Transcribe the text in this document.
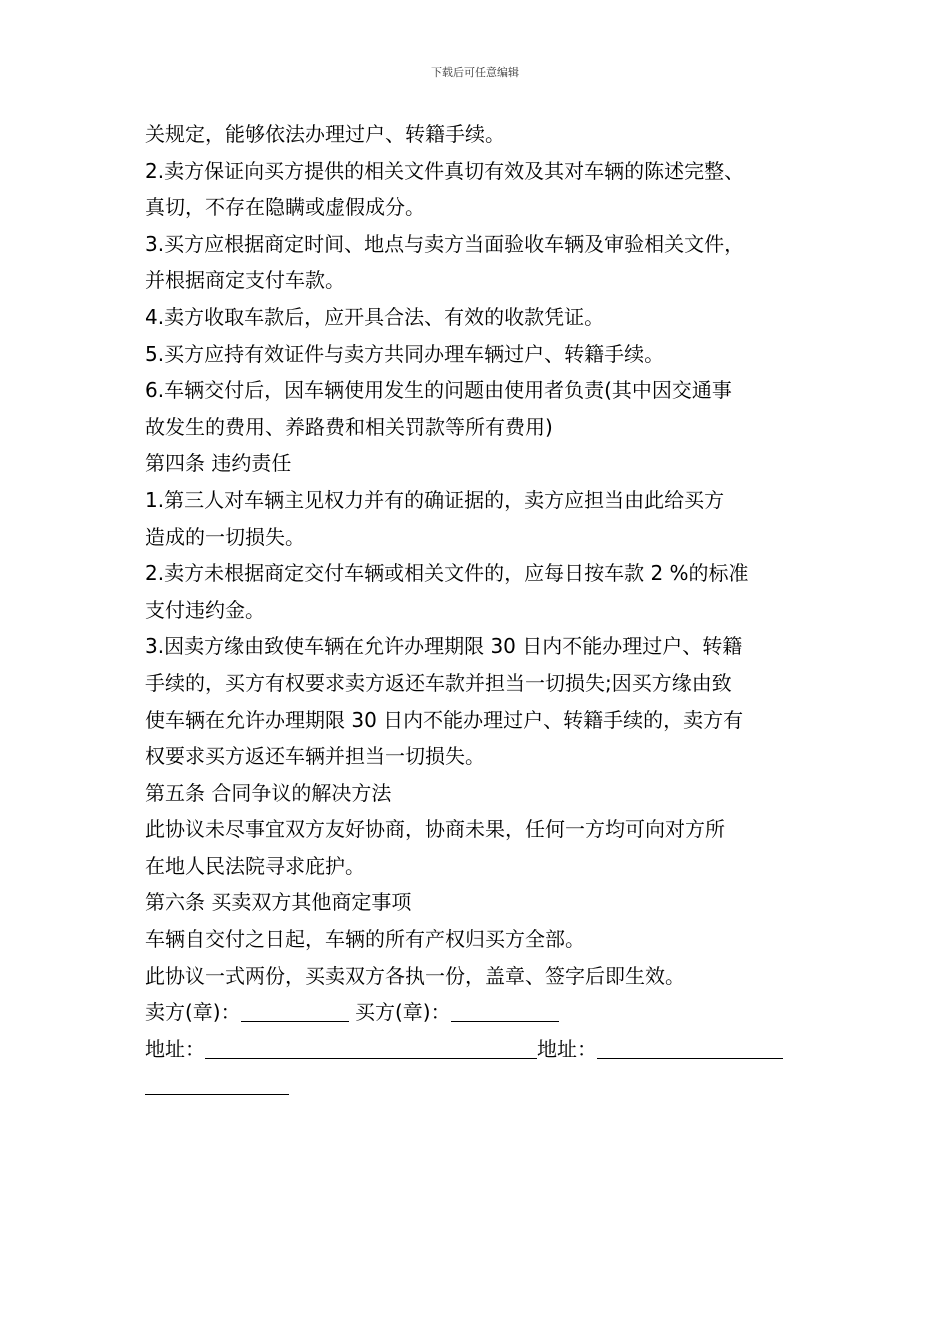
下载后可任意编辑
关规定，能够依法办理过户、转籍手续。
2.卖方保证向买方提供的相关文件真切有效及其对车辆的陈述完整、
真切，不存在隐瞒或虚假成分。
3.买方应根据商定时间、地点与卖方当面验收车辆及审验相关文件，
并根据商定支付车款。
4.卖方收取车款后，应开具合法、有效的收款凭证。
5.买方应持有效证件与卖方共同办理车辆过户、转籍手续。
6.车辆交付后，因车辆使用发生的问题由使用者负责(其中因交通事
故发生的费用、养路费和相关罚款等所有费用)
第四条 违约责任
1.第三人对车辆主见权力并有的确证据的，卖方应担当由此给买方
造成的一切损失。
2.卖方未根据商定交付车辆或相关文件的，应每日按车款 2 %的标准
支付违约金。
3.因卖方缘由致使车辆在允许办理期限 30 日内不能办理过户、转籍
手续的，买方有权要求卖方返还车款并担当一切损失;因买方缘由致
使车辆在允许办理期限 30 日内不能办理过户、转籍手续的，卖方有
权要求买方返还车辆并担当一切损失。
第五条 合同争议的解决方法
此协议未尽事宜双方友好协商，协商未果，任何一方均可向对方所
在地人民法院寻求庇护。
第六条 买卖双方其他商定事项
车辆自交付之日起，车辆的所有产权归买方全部。
此协议一式两份，买卖双方各执一份，盖章、签字后即生效。
卖方(章)：	买方(章)：
地址：	地址：
